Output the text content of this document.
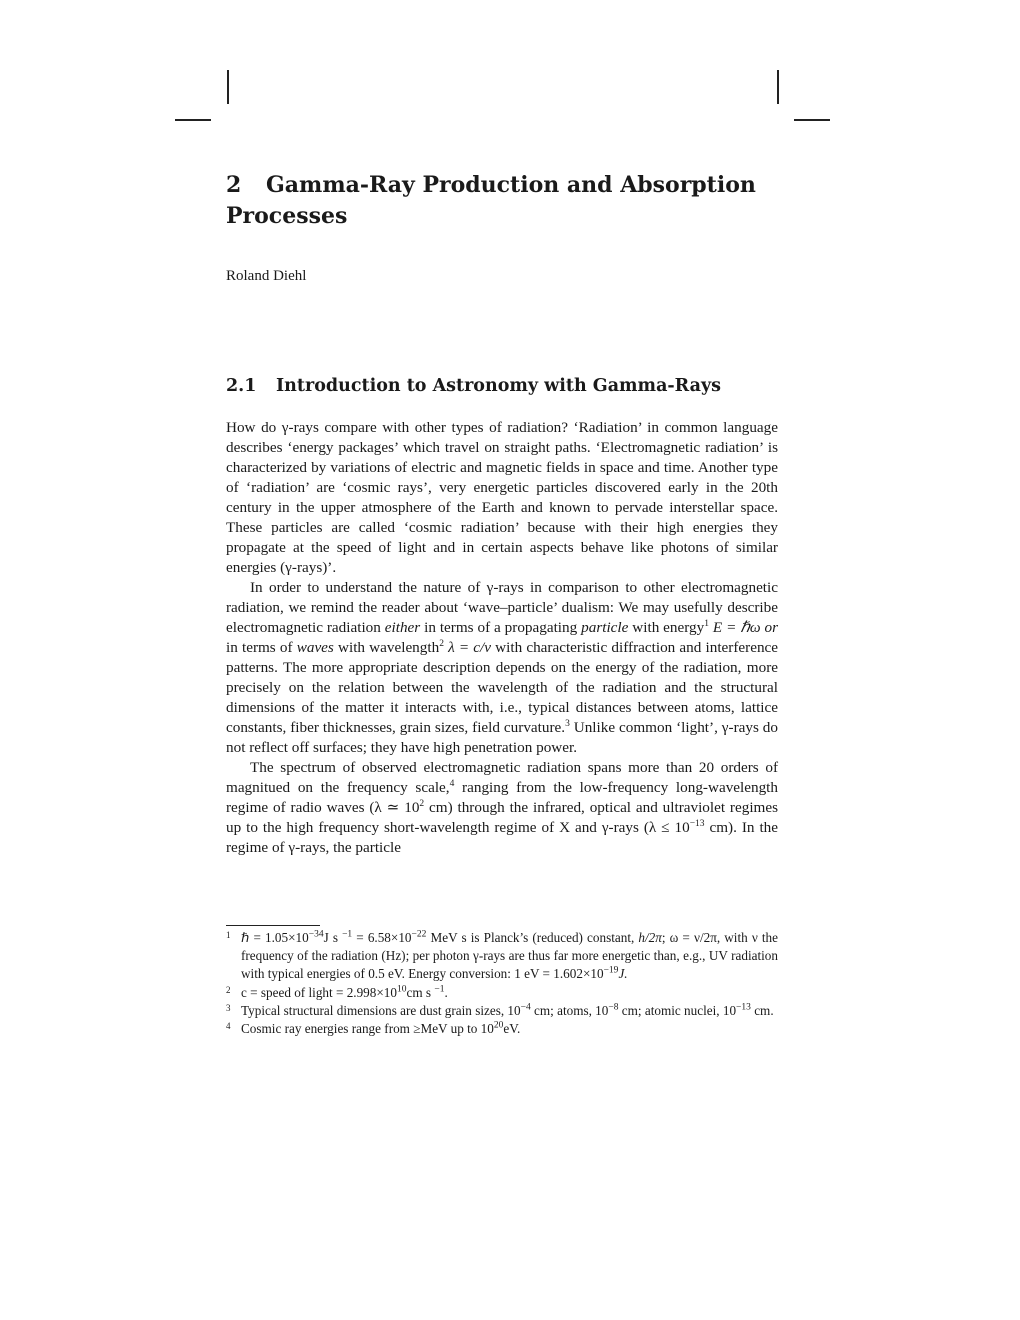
2 Gamma-Ray Production and Absorption Processes
Roland Diehl
2.1 Introduction to Astronomy with Gamma-Rays

How do γ-rays compare with other types of radiation? ‘Radiation’ in common language describes ‘energy packages’ which travel on straight paths. ‘Electromagnetic radiation’ is characterized by variations of electric and magnetic fields in space and time. Another type of ‘radiation’ are ‘cosmic rays’, very energetic particles discovered early in the 20th century in the upper atmosphere of the Earth and known to pervade interstellar space. These particles are called ‘cosmic radiation’ because with their high energies they propagate at the speed of light and in certain aspects behave like photons of similar energies (γ-rays)’.

In order to understand the nature of γ-rays in comparison to other electromagnetic radiation, we remind the reader about ‘wave–particle’ dualism: We may usefully describe electromagnetic radiation either in terms of a propagating particle with energy$^1$ E = ℏω or in terms of waves with wavelength$^2$ λ = c/ν with characteristic diffraction and interference patterns. The more appropriate description depends on the energy of the radiation, more precisely on the relation between the wavelength of the radiation and the structural dimensions of the matter it interacts with, i.e., typical distances between atoms, lattice constants, fiber thicknesses, grain sizes, field curvature.$^3$ Unlike common ‘light’, γ-rays do not reflect off surfaces; they have high penetration power.

The spectrum of observed electromagnetic radiation spans more than 20 orders of magnitued on the frequency scale,$^4$ ranging from the low-frequency long-wavelength regime of radio waves (λ ≃ $10^2$ cm) through the infrared, optical and ultraviolet regimes up to the high frequency short-wavelength regime of X and γ-rays ($\lambda \le 10^{-13}$ cm). In the regime of γ-rays, the particle

1 ℏ = $1.05\times 10^{-34}J$ s $^{-1} = 6.58\times 10^{-22}$ MeV s is Planck’s (reduced) constant, h/2π; ω = ν/2π, with ν the frequency of the radiation (Hz); per photon γ-rays are thus far more energetic than, e.g., UV radiation with typical energies of 0.5 eV. Energy conversion: 1 eV = $1.602\times 10^{-19}J$.
2 c = speed of light = $2.998\times 10^{10}cm$ s $^{-1}$.
3 Typical structural dimensions are dust grain sizes, $10^{-4}$ cm; atoms, $10^{-8}$ cm; atomic nuclei, $10^{-13}$ cm.
4 Cosmic ray energies range from ≥MeV up to $10^{20}eV$.
